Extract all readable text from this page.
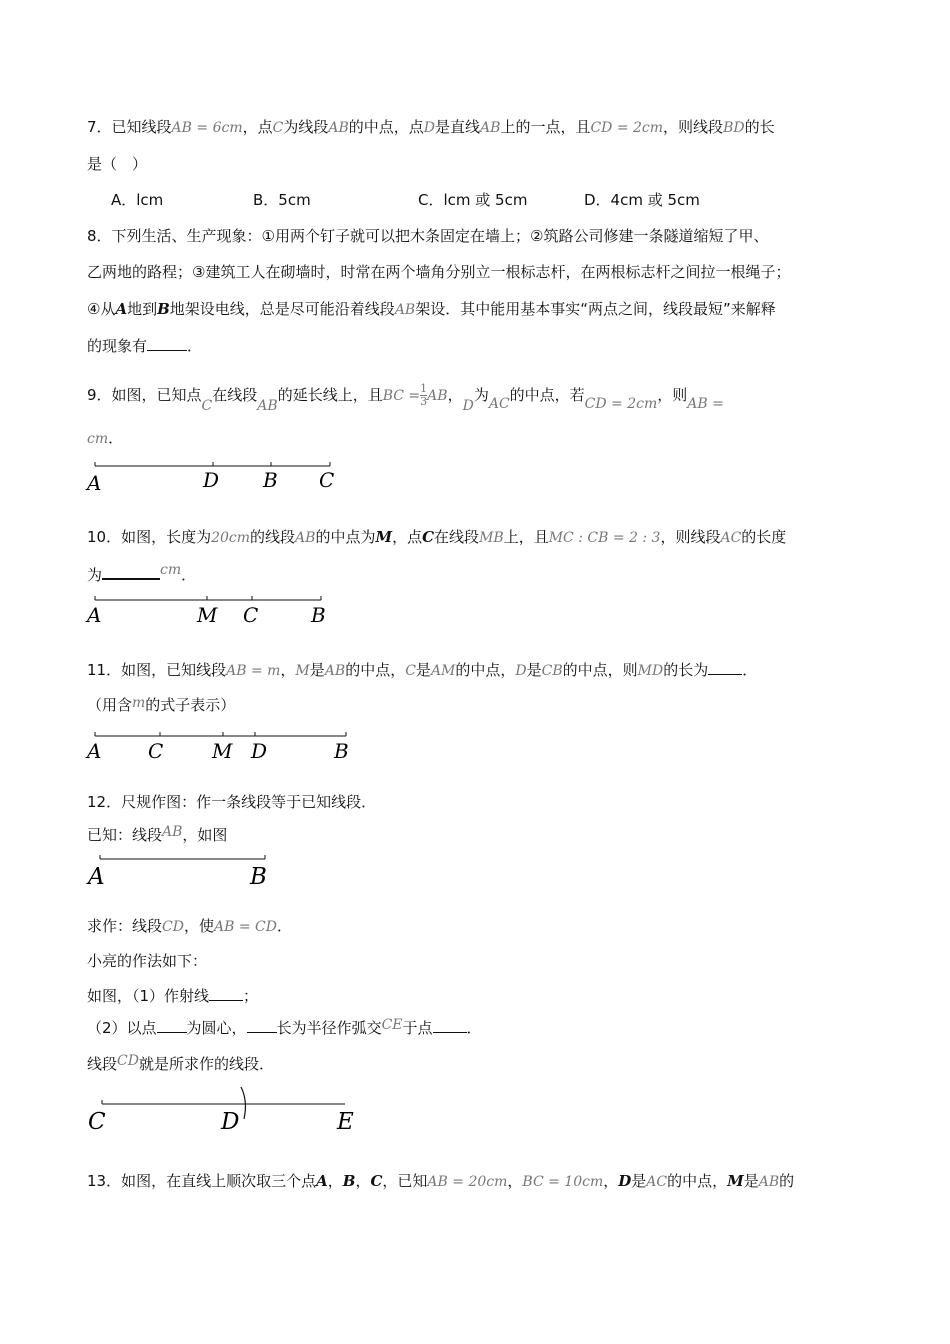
7．已知线段AB = 6cm，点C为线段AB的中点，点D是直线AB上的一点，且CD = 2cm，则线段BD的长
是（　）
A．lcm	B．5cm	C．lcm 或 5cm	D．4cm 或 5cm
8．下列生活、生产现象：①用两个钉子就可以把木条固定在墙上；②筑路公司修建一条隧道缩短了甲、
乙两地的路程；③建筑工人在砌墙时，时常在两个墙角分别立一根标志杆，在两根标志杆之间拉一根绳子；
④从A地到B地架设电线，总是尽可能沿着线段AB架设．其中能用基本事实“两点之间，线段最短”来解释
的现象有	．
9．如图，已知点C在线段AB的延长线上，且BC = $\frac{1}{3}$ AB，D为AC的中点，若CD = 2cm，则AB =
cm．
A	D B C
10．如图，长度为20cm的线段AB的中点为M，点C在线段MB上，且MC : CB = 2 : 3，则线段AC的长度
为	cm．
A	M C	B
11．如图，已知线段AB = m，M是AB的中点，C是AM的中点，D是CB的中点，则MD的长为 ．
（用含m的式子表示）
A C M D	B
12．尺规作图：作一条线段等于已知线段．
已知：线段AB，如图
A	B
求作：线段CD，使AB = CD．
小亮的作法如下：
如图，（1）作射线 ；
（2）以点 为圆心， 长为半径作弧交CE于点 ．
线段CD就是所求作的线段．
C	D	E
13．如图，在直线上顺次取三个点A，B，C，已知AB = 20cm，BC = 10cm，D是AC的中点，M是AB的
